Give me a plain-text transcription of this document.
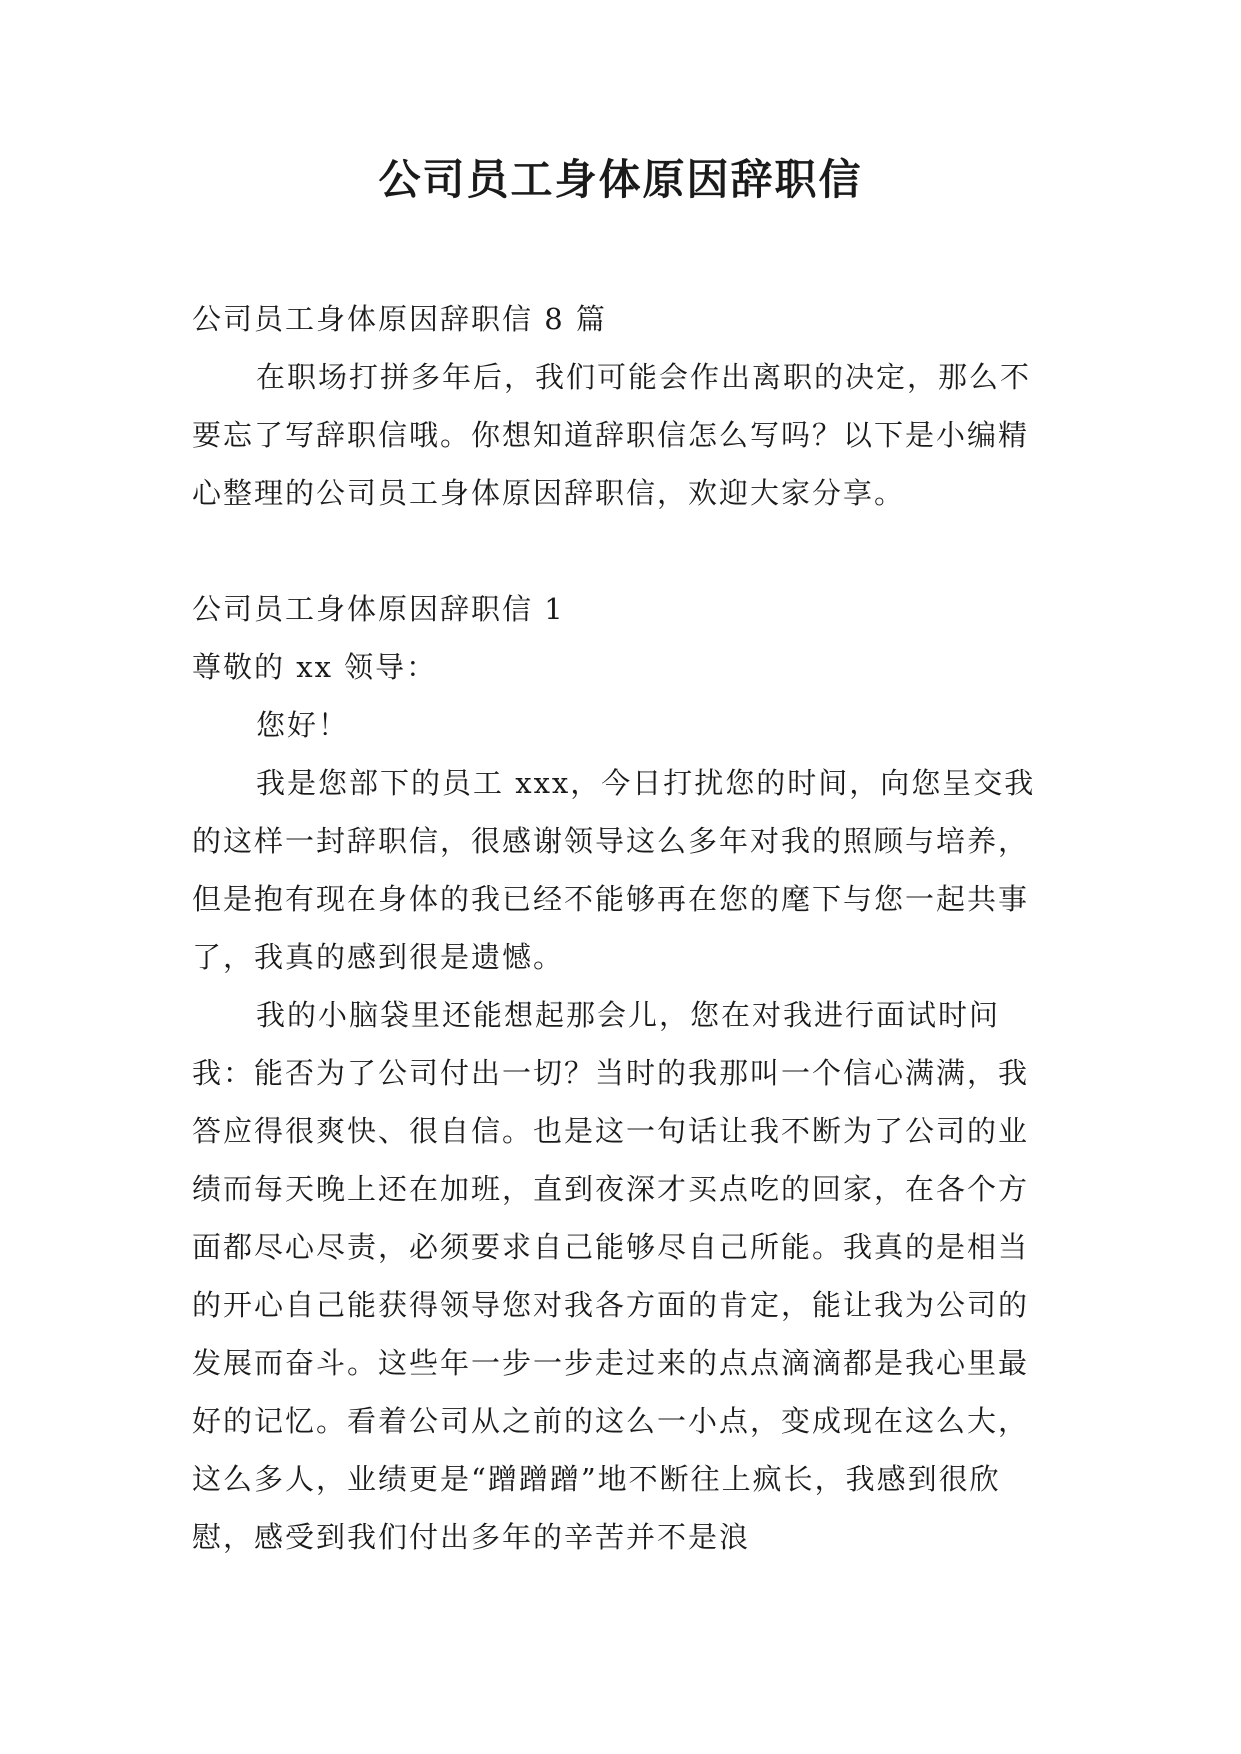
公司员工身体原因辞职信

公司员工身体原因辞职信 8 篇

在职场打拼多年后，我们可能会作出离职的决定，那么不要忘了写辞职信哦。你想知道辞职信怎么写吗？以下是小编精心整理的公司员工身体原因辞职信，欢迎大家分享。

公司员工身体原因辞职信 1

尊敬的 xx 领导：

您好！

我是您部下的员工 xxx，今日打扰您的时间，向您呈交我的这样一封辞职信，很感谢领导这么多年对我的照顾与培养，但是抱有现在身体的我已经不能够再在您的麾下与您一起共事了，我真的感到很是遗憾。

我的小脑袋里还能想起那会儿，您在对我进行面试时问我：能否为了公司付出一切？当时的我那叫一个信心满满，我答应得很爽快、很自信。也是这一句话让我不断为了公司的业绩而每天晚上还在加班，直到夜深才买点吃的回家，在各个方面都尽心尽责，必须要求自己能够尽自己所能。我真的是相当的开心自己能获得领导您对我各方面的肯定，能让我为公司的发展而奋斗。这些年一步一步走过来的点点滴滴都是我心里最好的记忆。看着公司从之前的这么一小点，变成现在这么大，这么多人，业绩更是“蹭蹭蹭”地不断往上疯长，我感到很欣慰，感受到我们付出多年的辛苦并不是浪
